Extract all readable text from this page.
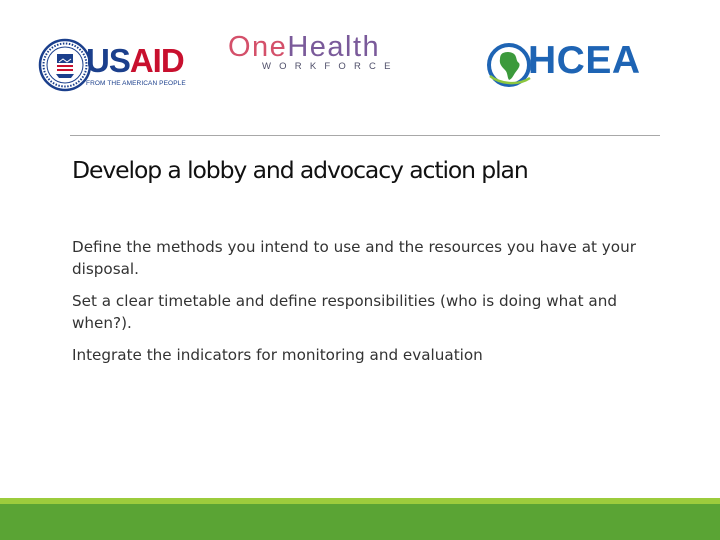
USAID
FROM THE AMERICAN PEOPLE
OneHealth
WORKFORCE	HCEA
Develop a lobby and advocacy action plan

Define the methods you intend to use and the resources you have at your disposal.

Set a clear timetable and define responsibilities (who is doing what and when?).

Integrate the indicators for monitoring and evaluation
